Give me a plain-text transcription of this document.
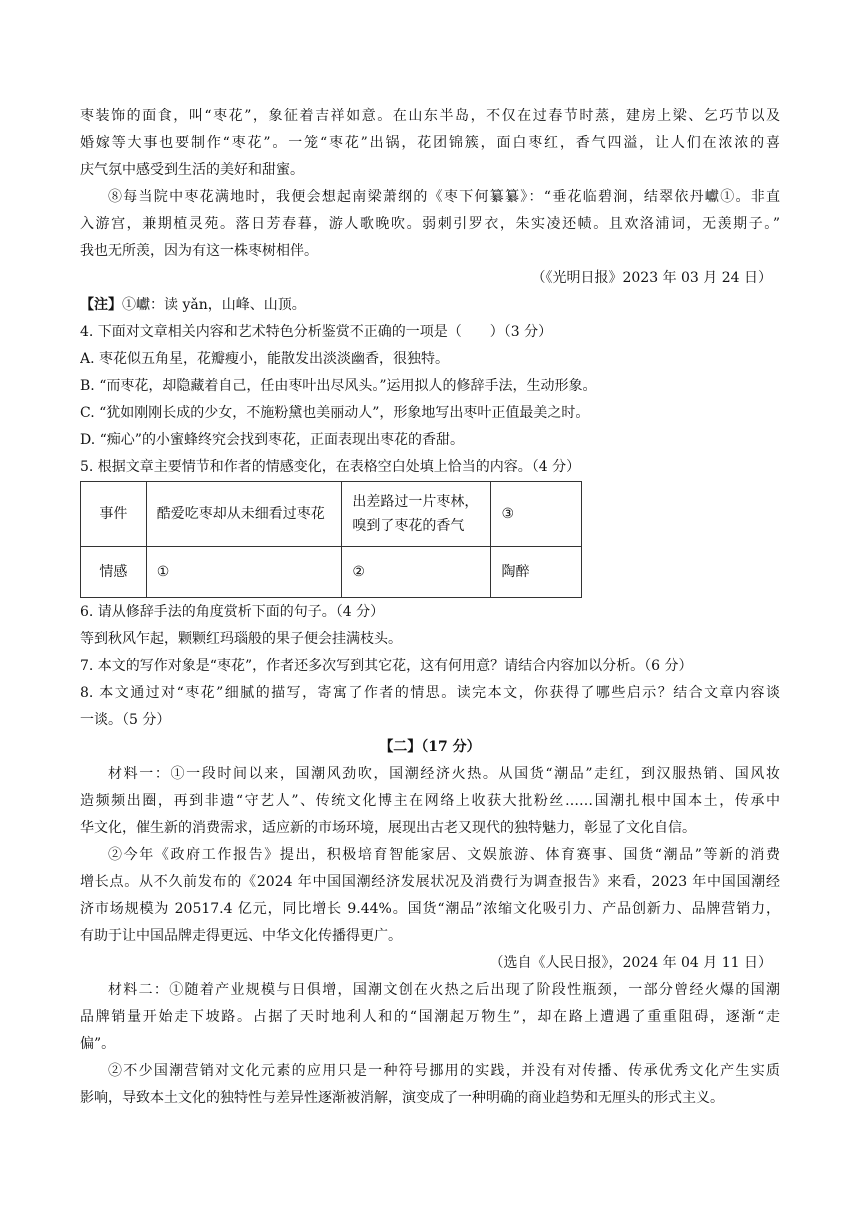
枣装饰的面食，叫“枣花”，象征着吉祥如意。在山东半岛，不仅在过春节时蒸，建房上梁、乞巧节以及
婚嫁等大事也要制作“枣花”。一笼“枣花”出锅，花团锦簇，面白枣红，香气四溢，让人们在浓浓的喜
庆气氛中感受到生活的美好和甜蜜。
⑧每当院中枣花满地时，我便会想起南梁萧纲的《枣下何纂纂》：“垂花临碧涧，结翠依丹巘①。非直
入游宫，兼期植灵苑。落日芳春暮，游人歌晚吹。弱刺引罗衣，朱实凌还帻。且欢洛浦词，无羡期子。”
我也无所羡，因为有这一株枣树相伴。
（《光明日报》2023 年 03 月 24 日）
【注】①巘：读 yǎn，山峰、山顶。
4. 下面对文章相关内容和艺术特色分析鉴赏不正确的一项是（　　）（3 分）
A. 枣花似五角星，花瓣瘦小，能散发出淡淡幽香，很独特。
B. “而枣花，却隐藏着自己，任由枣叶出尽风头。”运用拟人的修辞手法，生动形象。
C. “犹如刚刚长成的少女，不施粉黛也美丽动人”，形象地写出枣叶正值最美之时。
D. “痴心”的小蜜蜂终究会找到枣花，正面表现出枣花的香甜。
5. 根据文章主要情节和作者的情感变化，在表格空白处填上恰当的内容。（4 分）
事件	酷爱吃枣却从未细看过枣花	出差路过一片枣林，
嗅到了枣花的香气	③
情感	①	②	陶醉
6. 请从修辞手法的角度赏析下面的句子。（4 分）
等到秋风乍起，颗颗红玛瑙般的果子便会挂满枝头。
7. 本文的写作对象是“枣花”，作者还多次写到其它花，这有何用意？请结合内容加以分析。（6 分）
8. 本文通过对“枣花”细腻的描写，寄寓了作者的情思。读完本文，你获得了哪些启示？结合文章内容谈
一谈。（5 分）
【二】（17 分）
材料一：①一段时间以来，国潮风劲吹，国潮经济火热。从国货“潮品”走红，到汉服热销、国风妆
造频频出圈，再到非遗“守艺人”、传统文化博主在网络上收获大批粉丝……国潮扎根中国本土，传承中
华文化，催生新的消费需求，适应新的市场环境，展现出古老又现代的独特魅力，彰显了文化自信。
②今年《政府工作报告》提出，积极培育智能家居、文娱旅游、体育赛事、国货“潮品”等新的消费
增长点。从不久前发布的《2024 年中国国潮经济发展状况及消费行为调查报告》来看，2023 年中国国潮经
济市场规模为 20517.4 亿元，同比增长 9.44%。国货“潮品”浓缩文化吸引力、产品创新力、品牌营销力，
有助于让中国品牌走得更远、中华文化传播得更广。
（选自《人民日报》，2024 年 04 月 11 日）
材料二：①随着产业规模与日俱增，国潮文创在火热之后出现了阶段性瓶颈，一部分曾经火爆的国潮
品牌销量开始走下坡路。占据了天时地利人和的“国潮起万物生”，却在路上遭遇了重重阻碍，逐渐“走
偏”。
②不少国潮营销对文化元素的应用只是一种符号挪用的实践，并没有对传播、传承优秀文化产生实质
影响，导致本土文化的独特性与差异性逐渐被消解，演变成了一种明确的商业趋势和无厘头的形式主义。
